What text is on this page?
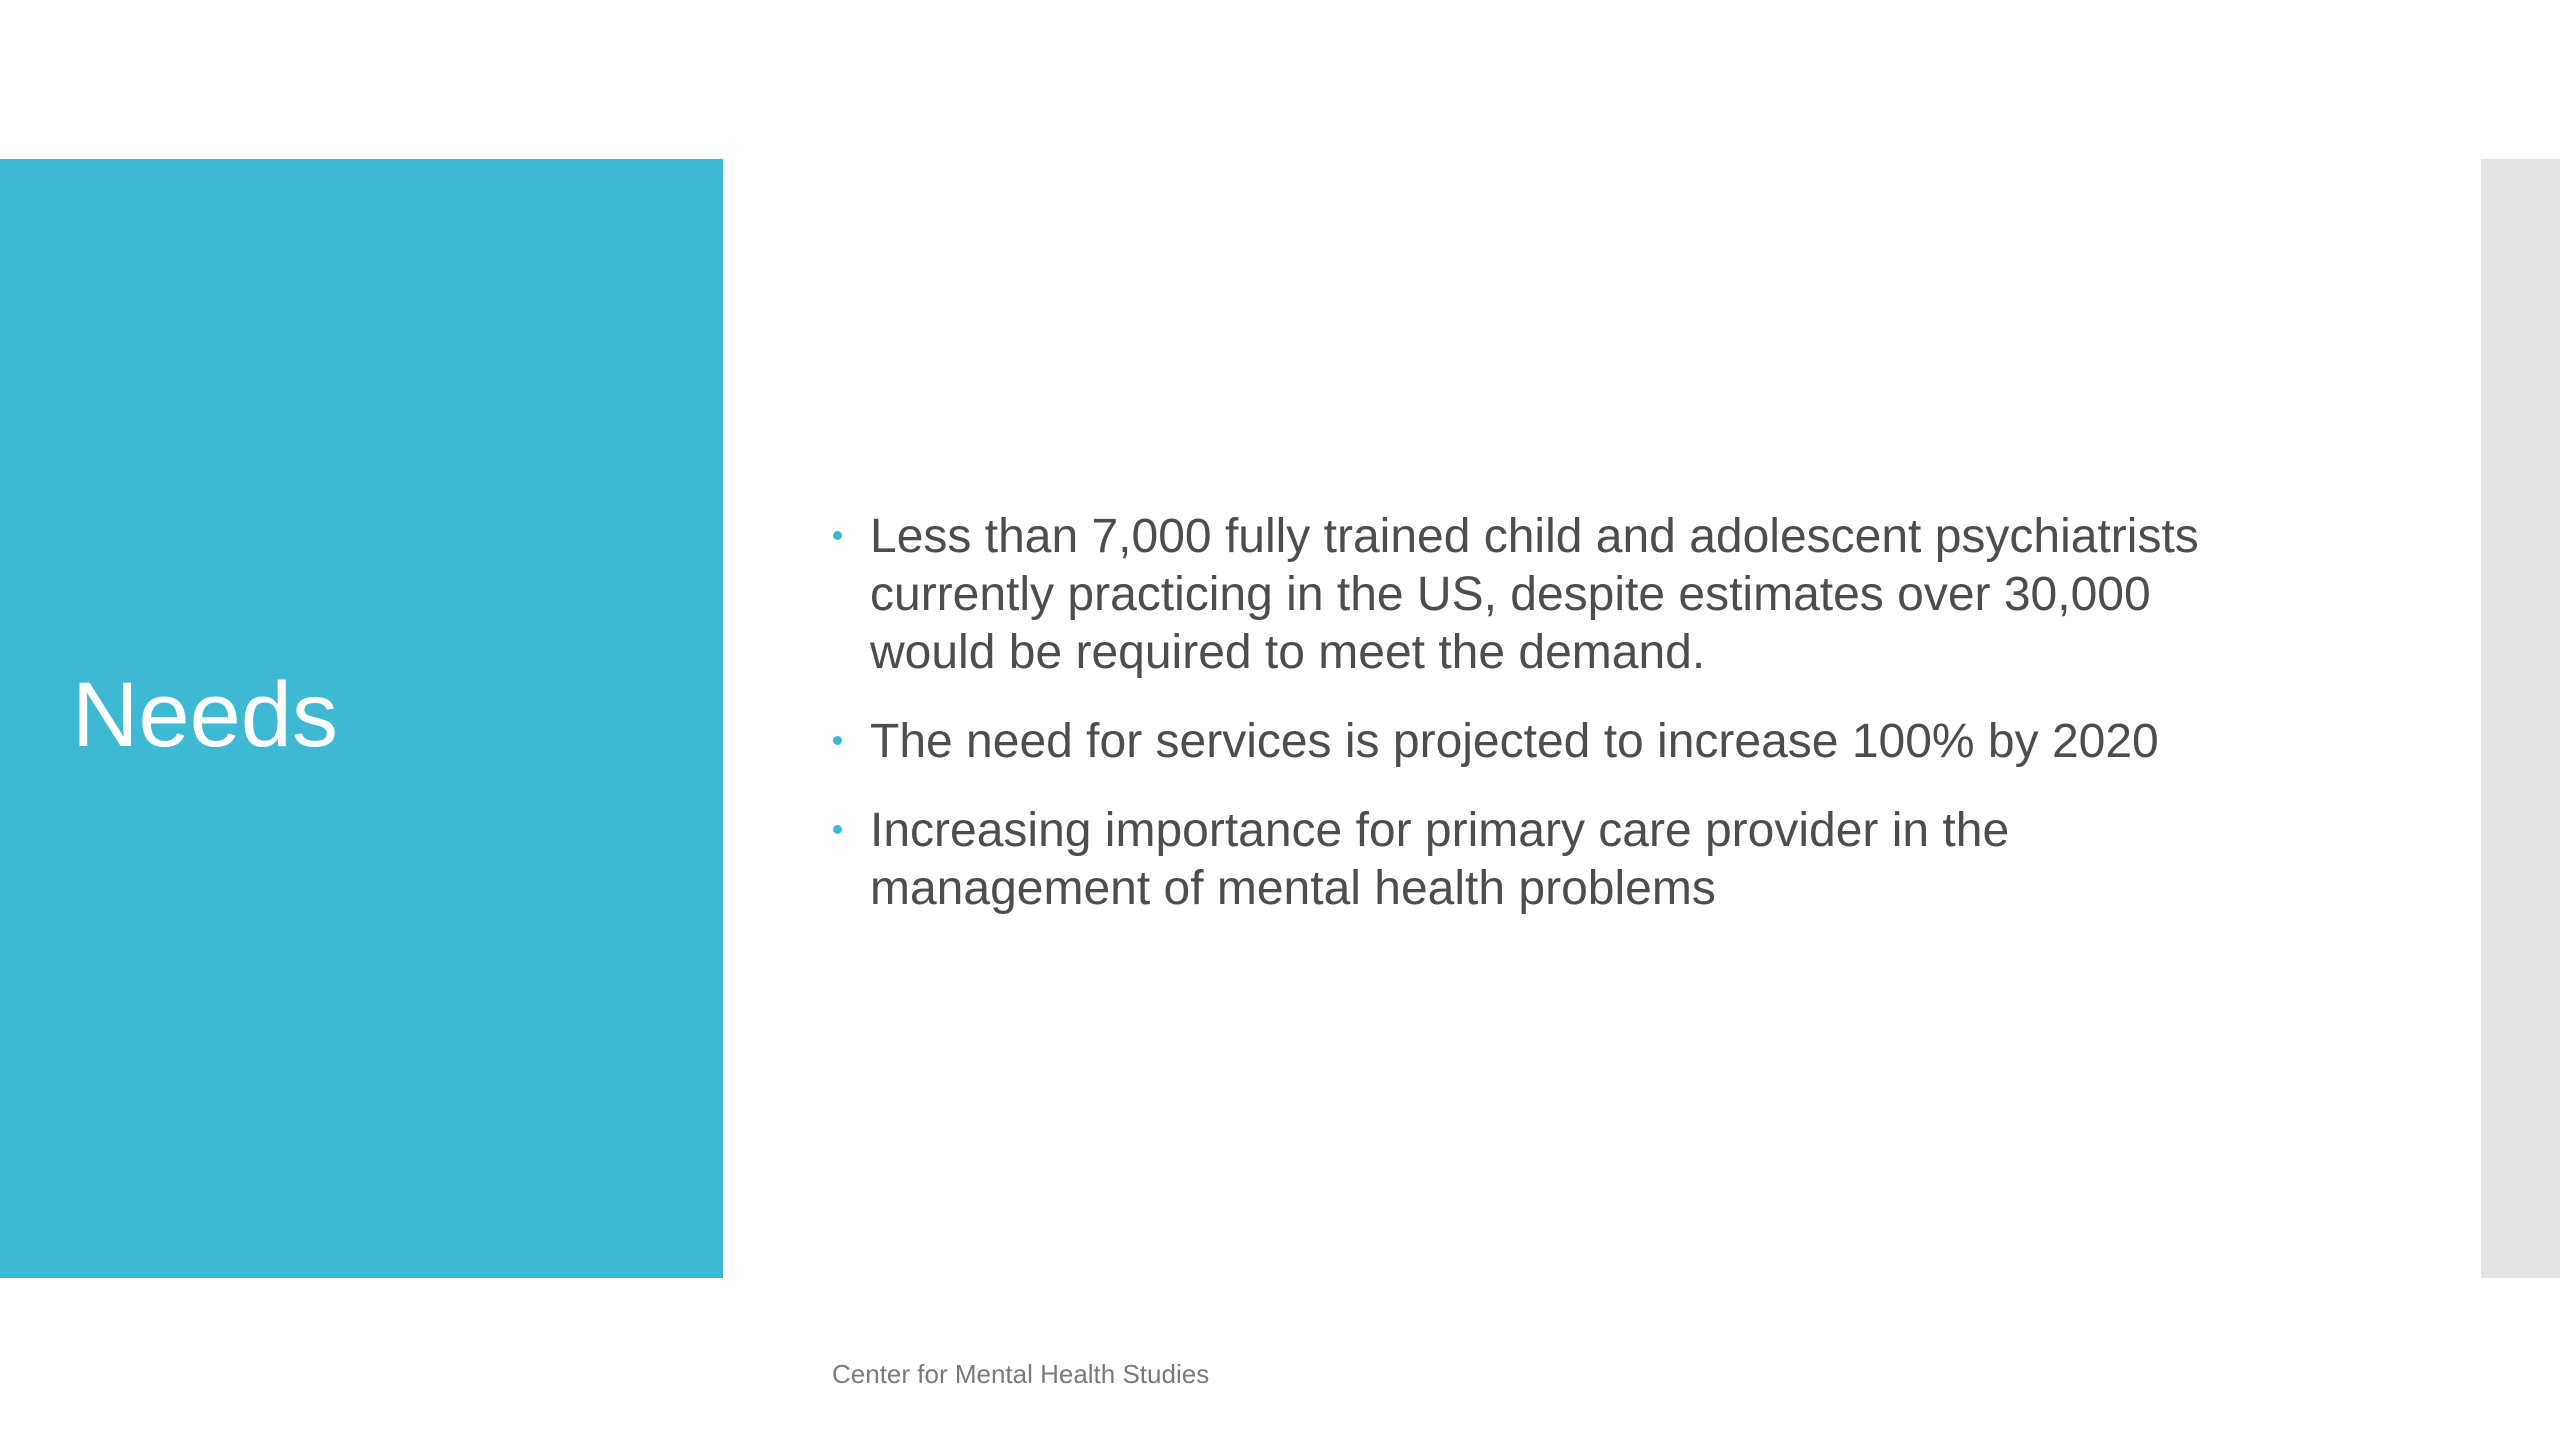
Needs
Less than 7,000 fully trained child and adolescent psychiatrists currently practicing in the US, despite estimates over 30,000 would be required to meet the demand.
The need for services is projected to increase 100% by 2020
Increasing importance for primary care provider in the management of mental health problems
Center for Mental Health Studies
